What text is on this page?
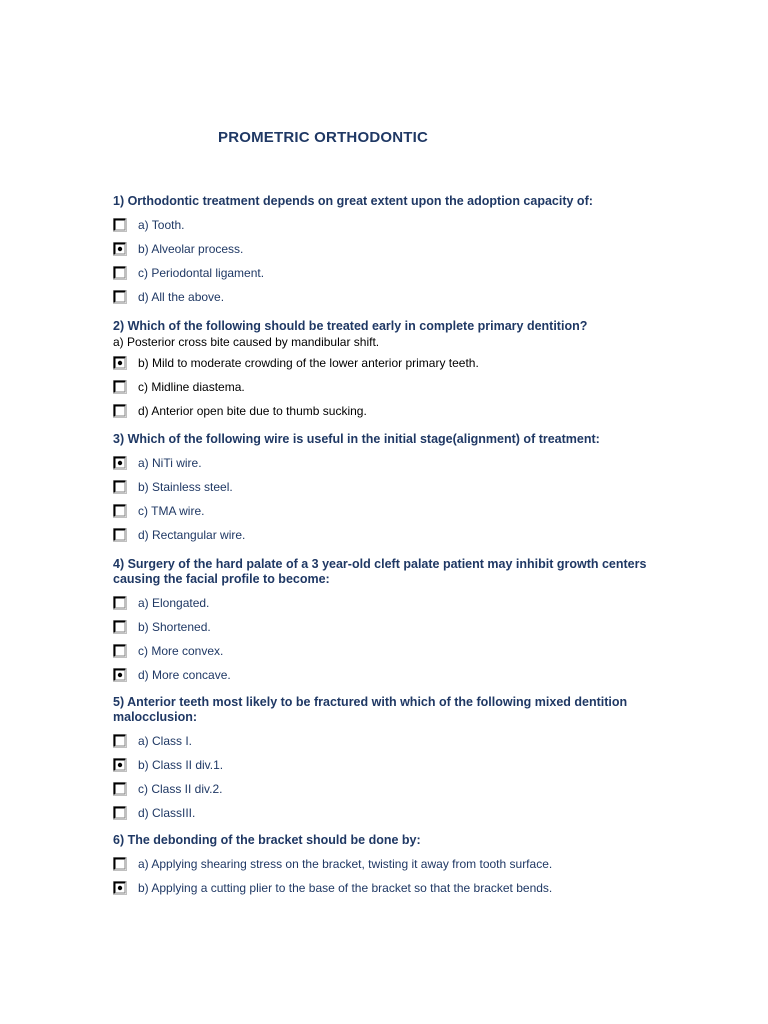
PROMETRIC ORTHODONTIC

1) Orthodontic treatment depends on great extent upon the adoption capacity of:

a) Tooth.
b) Alveolar process.
c) Periodontal ligament.
d) All the above.

2) Which of the following should be treated early in complete primary dentition?

a) Posterior cross bite caused by mandibular shift.

b) Mild to moderate crowding of the lower anterior primary teeth.
c) Midline diastema.
d) Anterior open bite due to thumb sucking.

3) Which of the following wire is useful in the initial stage(alignment) of treatment:

a) NiTi wire.
b) Stainless steel.
c) TMA wire.
d) Rectangular wire.

4) Surgery of the hard palate of a 3 year-old cleft palate patient may inhibit growth centers causing the facial profile to become:

a) Elongated.
b) Shortened.
c) More convex.
d) More concave.

5) Anterior teeth most likely to be fractured with which of the following mixed dentition malocclusion:

a) Class I.
b) Class II div.1.
c) Class II div.2.
d) ClassIII.

6) The debonding of the bracket should be done by:

a) Applying shearing stress on the bracket, twisting it away from tooth surface.
b) Applying a cutting plier to the base of the bracket so that the bracket bends.
